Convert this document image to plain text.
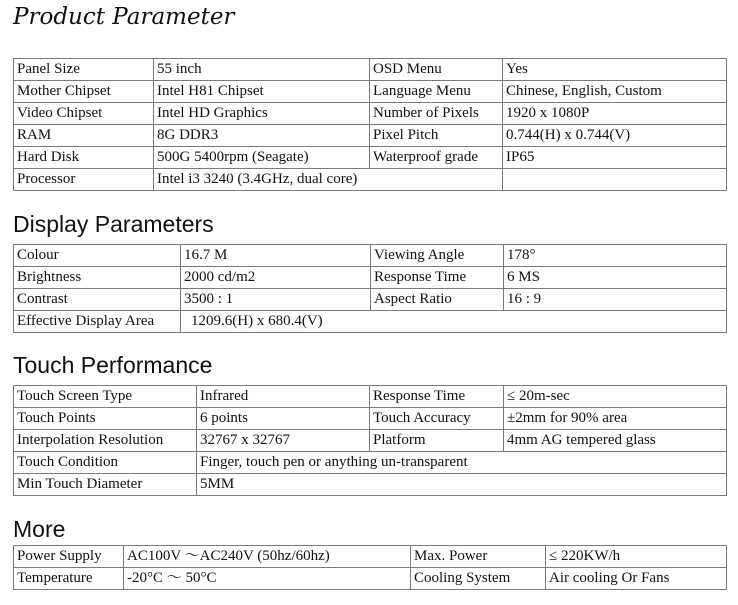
Product Parameter
Panel Size	55 inch	OSD Menu	Yes
Mother Chipset	Intel H81 Chipset	Language Menu	Chinese, English, Custom
Video Chipset	Intel HD Graphics	Number of Pixels	1920 x 1080P
RAM	8G DDR3	Pixel Pitch	0.744(H) x 0.744(V)
Hard Disk	500G 5400rpm (Seagate)	Waterproof grade	IP65
Processor	Intel i3 3240 (3.4GHz, dual core)		
Display Parameters
Colour	16.7 M	Viewing Angle	178°
Brightness	2000 cd/m2	Response Time	6 MS
Contrast	3500 : 1	Aspect Ratio	16 : 9
Effective Display Area	1209.6(H) x 680.4(V)		
Touch Performance
Touch Screen Type	Infrared	Response Time	≤ 20m-sec
Touch Points	6 points	Touch Accuracy	±2mm for 90% area
Interpolation Resolution	32767 x 32767	Platform	4mm AG tempered glass
Touch Condition	Finger, touch pen or anything un-transparent		
Min Touch Diameter	5MM		
More
Power Supply	AC100V ～AC240V (50hz/60hz)	Max. Power	≤ 220KW/h
Temperature	-20°C ～ 50°C	Cooling System	Air cooling Or Fans
